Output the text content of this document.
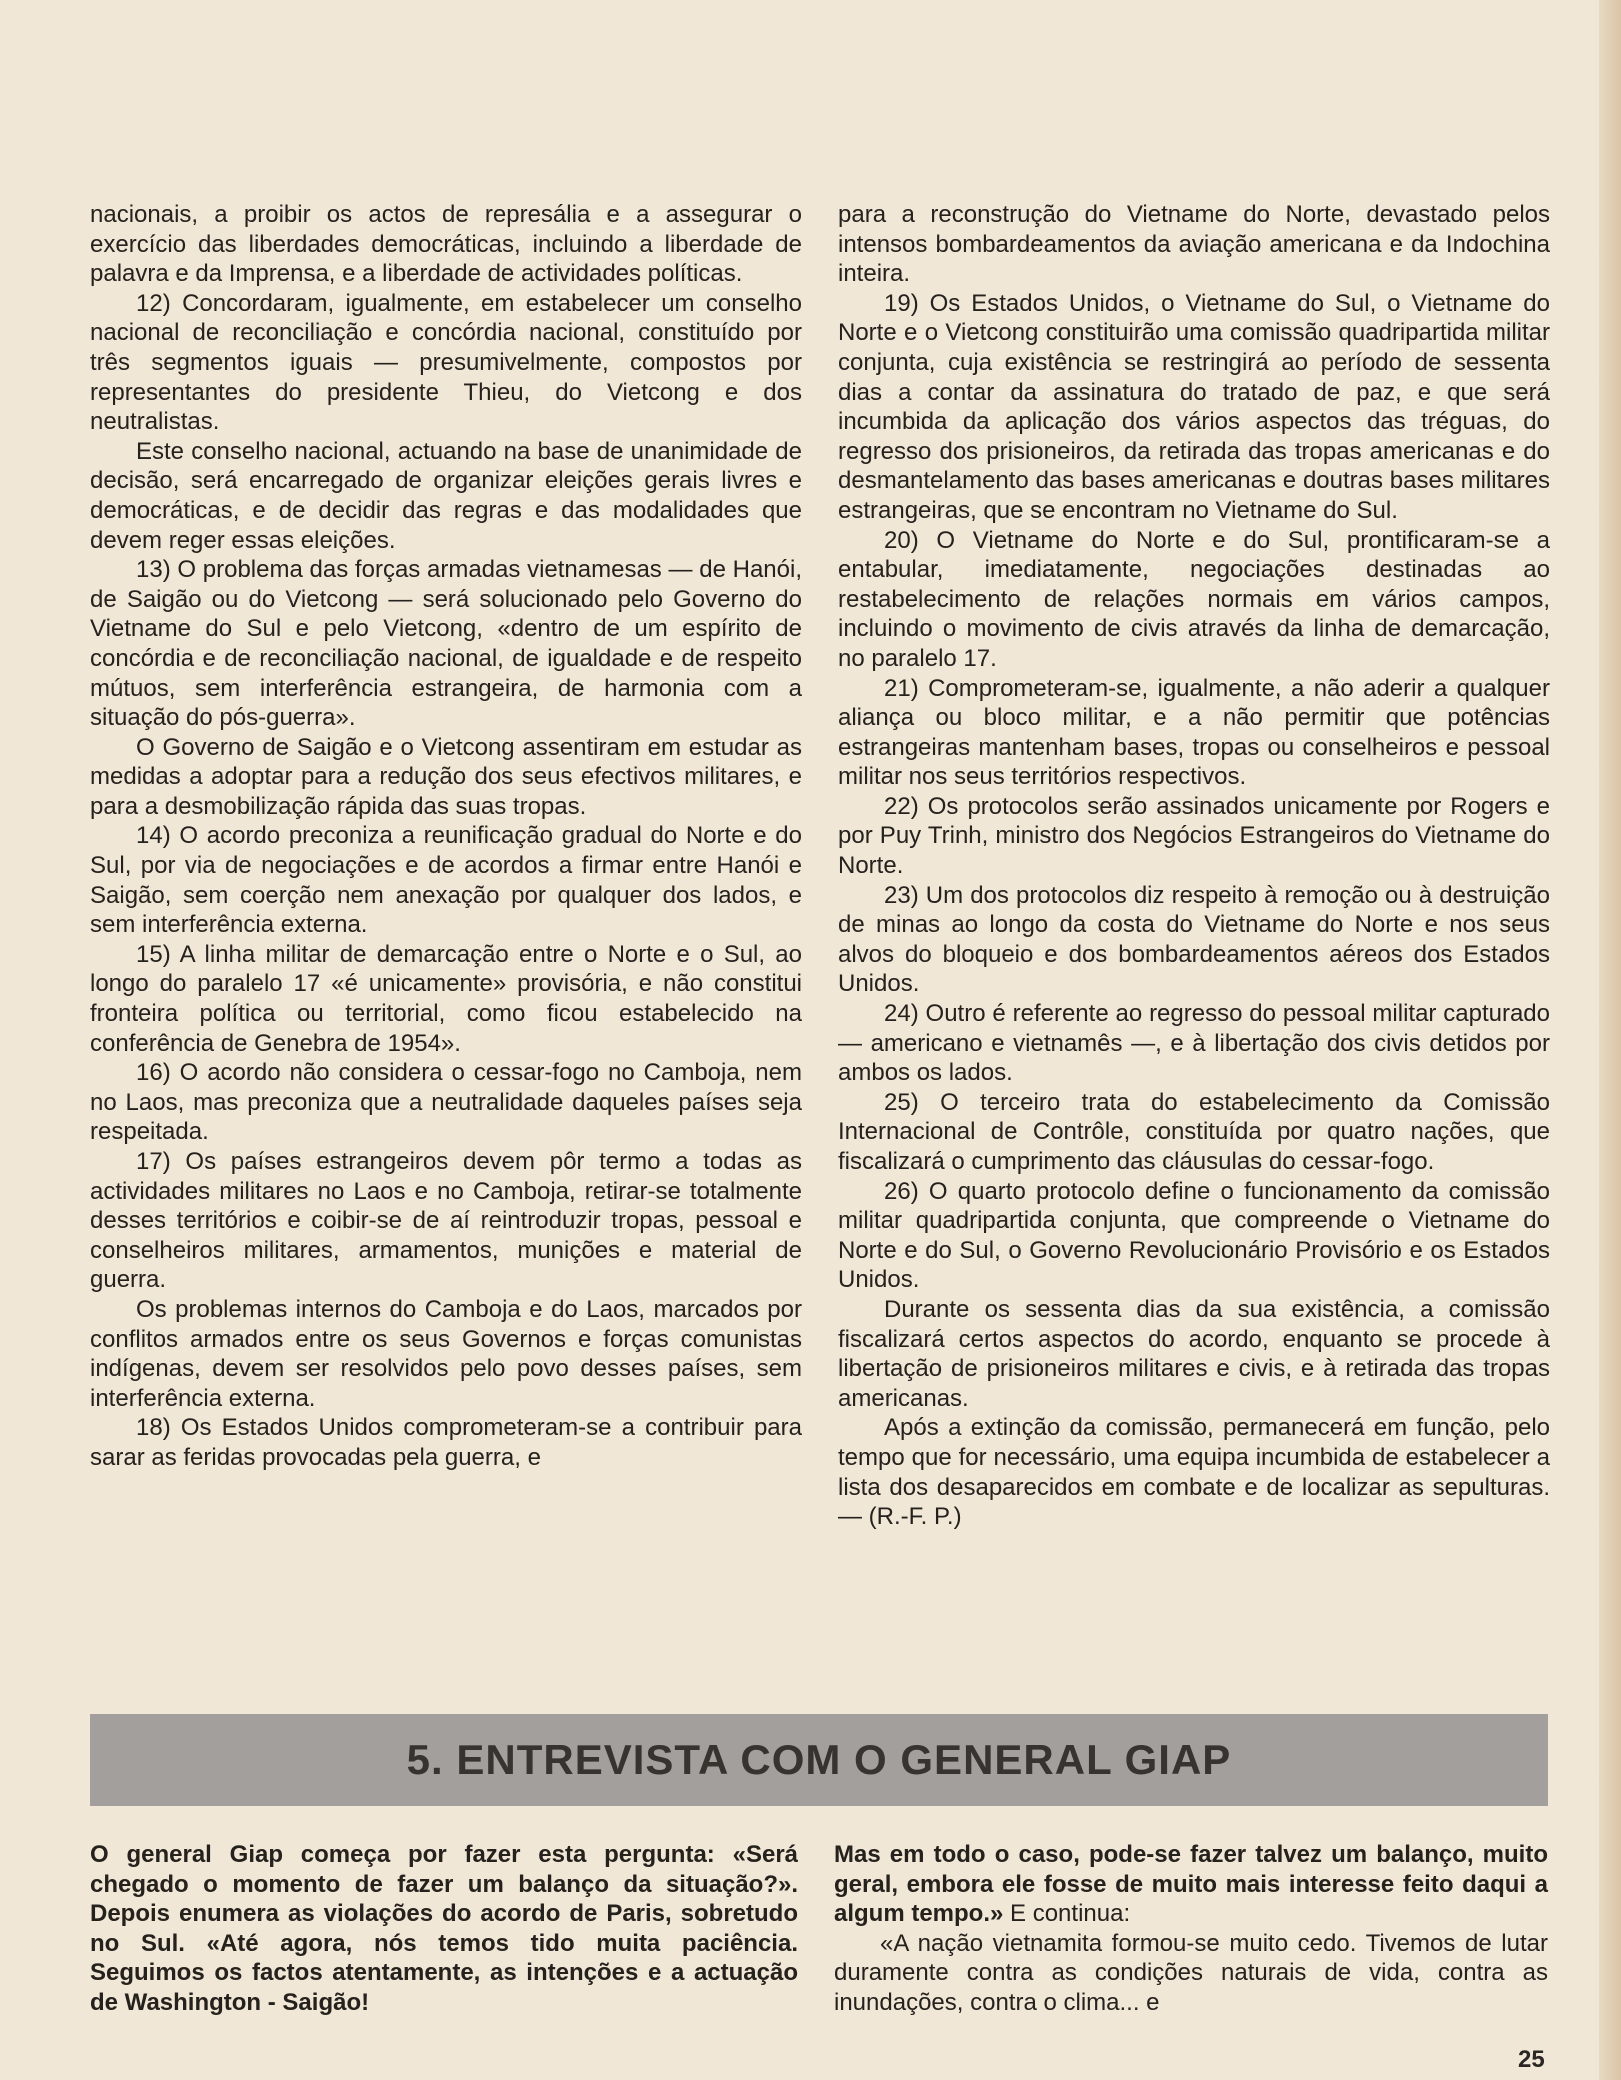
nacionais, a proibir os actos de represália e a assegurar o exercício das liberdades democráticas, incluindo a liberdade de palavra e da Imprensa, e a liberdade de actividades políticas.

12) Concordaram, igualmente, em estabelecer um conselho nacional de reconciliação e concórdia nacional, constituído por três segmentos iguais — presumivelmente, compostos por representantes do presidente Thieu, do Vietcong e dos neutralistas.

Este conselho nacional, actuando na base de unanimidade de decisão, será encarregado de organizar eleições gerais livres e democráticas, e de decidir das regras e das modalidades que devem reger essas eleições.

13) O problema das forças armadas vietnamesas — de Hanói, de Saigão ou do Vietcong — será solucionado pelo Governo do Vietname do Sul e pelo Vietcong, «dentro de um espírito de concórdia e de reconciliação nacional, de igualdade e de respeito mútuos, sem interferência estrangeira, de harmonia com a situação do pós-guerra».

O Governo de Saigão e o Vietcong assentiram em estudar as medidas a adoptar para a redução dos seus efectivos militares, e para a desmobilização rápida das suas tropas.

14) O acordo preconiza a reunificação gradual do Norte e do Sul, por via de negociações e de acordos a firmar entre Hanói e Saigão, sem coerção nem anexação por qualquer dos lados, e sem interferência externa.

15) A linha militar de demarcação entre o Norte e o Sul, ao longo do paralelo 17 «é unicamente» provisória, e não constitui fronteira política ou territorial, como ficou estabelecido na conferência de Genebra de 1954».

16) O acordo não considera o cessar-fogo no Camboja, nem no Laos, mas preconiza que a neutralidade daqueles países seja respeitada.

17) Os países estrangeiros devem pôr termo a todas as actividades militares no Laos e no Camboja, retirar-se totalmente desses territórios e coibir-se de aí reintroduzir tropas, pessoal e conselheiros militares, armamentos, munições e material de guerra.

Os problemas internos do Camboja e do Laos, marcados por conflitos armados entre os seus Governos e forças comunistas indígenas, devem ser resolvidos pelo povo desses países, sem interferência externa.

18) Os Estados Unidos comprometeram-se a contribuir para sarar as feridas provocadas pela guerra, e

para a reconstrução do Vietname do Norte, devastado pelos intensos bombardeamentos da aviação americana e da Indochina inteira.

19) Os Estados Unidos, o Vietname do Sul, o Vietname do Norte e o Vietcong constituirão uma comissão quadripartida militar conjunta, cuja existência se restringirá ao período de sessenta dias a contar da assinatura do tratado de paz, e que será incumbida da aplicação dos vários aspectos das tréguas, do regresso dos prisioneiros, da retirada das tropas americanas e do desmantelamento das bases americanas e doutras bases militares estrangeiras, que se encontram no Vietname do Sul.

20) O Vietname do Norte e do Sul, prontificaram-se a entabular, imediatamente, negociações destinadas ao restabelecimento de relações normais em vários campos, incluindo o movimento de civis através da linha de demarcação, no paralelo 17.

21) Comprometeram-se, igualmente, a não aderir a qualquer aliança ou bloco militar, e a não permitir que potências estrangeiras mantenham bases, tropas ou conselheiros e pessoal militar nos seus territórios respectivos.

22) Os protocolos serão assinados unicamente por Rogers e por Puy Trinh, ministro dos Negócios Estrangeiros do Vietname do Norte.

23) Um dos protocolos diz respeito à remoção ou à destruição de minas ao longo da costa do Vietname do Norte e nos seus alvos do bloqueio e dos bombardeamentos aéreos dos Estados Unidos.

24) Outro é referente ao regresso do pessoal militar capturado — americano e vietnamês —, e à libertação dos civis detidos por ambos os lados.

25) O terceiro trata do estabelecimento da Comissão Internacional de Contrôle, constituída por quatro nações, que fiscalizará o cumprimento das cláusulas do cessar-fogo.

26) O quarto protocolo define o funcionamento da comissão militar quadripartida conjunta, que compreende o Vietname do Norte e do Sul, o Governo Revolucionário Provisório e os Estados Unidos.

Durante os sessenta dias da sua existência, a comissão fiscalizará certos aspectos do acordo, enquanto se procede à libertação de prisioneiros militares e civis, e à retirada das tropas americanas.

Após a extinção da comissão, permanecerá em função, pelo tempo que for necessário, uma equipa incumbida de estabelecer a lista dos desaparecidos em combate e de localizar as sepulturas. — (R.-F. P.)

5. ENTREVISTA COM O GENERAL GIAP

O general Giap começa por fazer esta pergunta: «Será chegado o momento de fazer um balanço da situação?». Depois enumera as violações do acordo de Paris, sobretudo no Sul. «Até agora, nós temos tido muita paciência. Seguimos os factos atentamente, as intenções e a actuação de Washington - Saigão!

Mas em todo o caso, pode-se fazer talvez um balanço, muito geral, embora ele fosse de muito mais interesse feito daqui a algum tempo.» E continua:

«A nação vietnamita formou-se muito cedo. Tivemos de lutar duramente contra as condições naturais de vida, contra as inundações, contra o clima... e

25
